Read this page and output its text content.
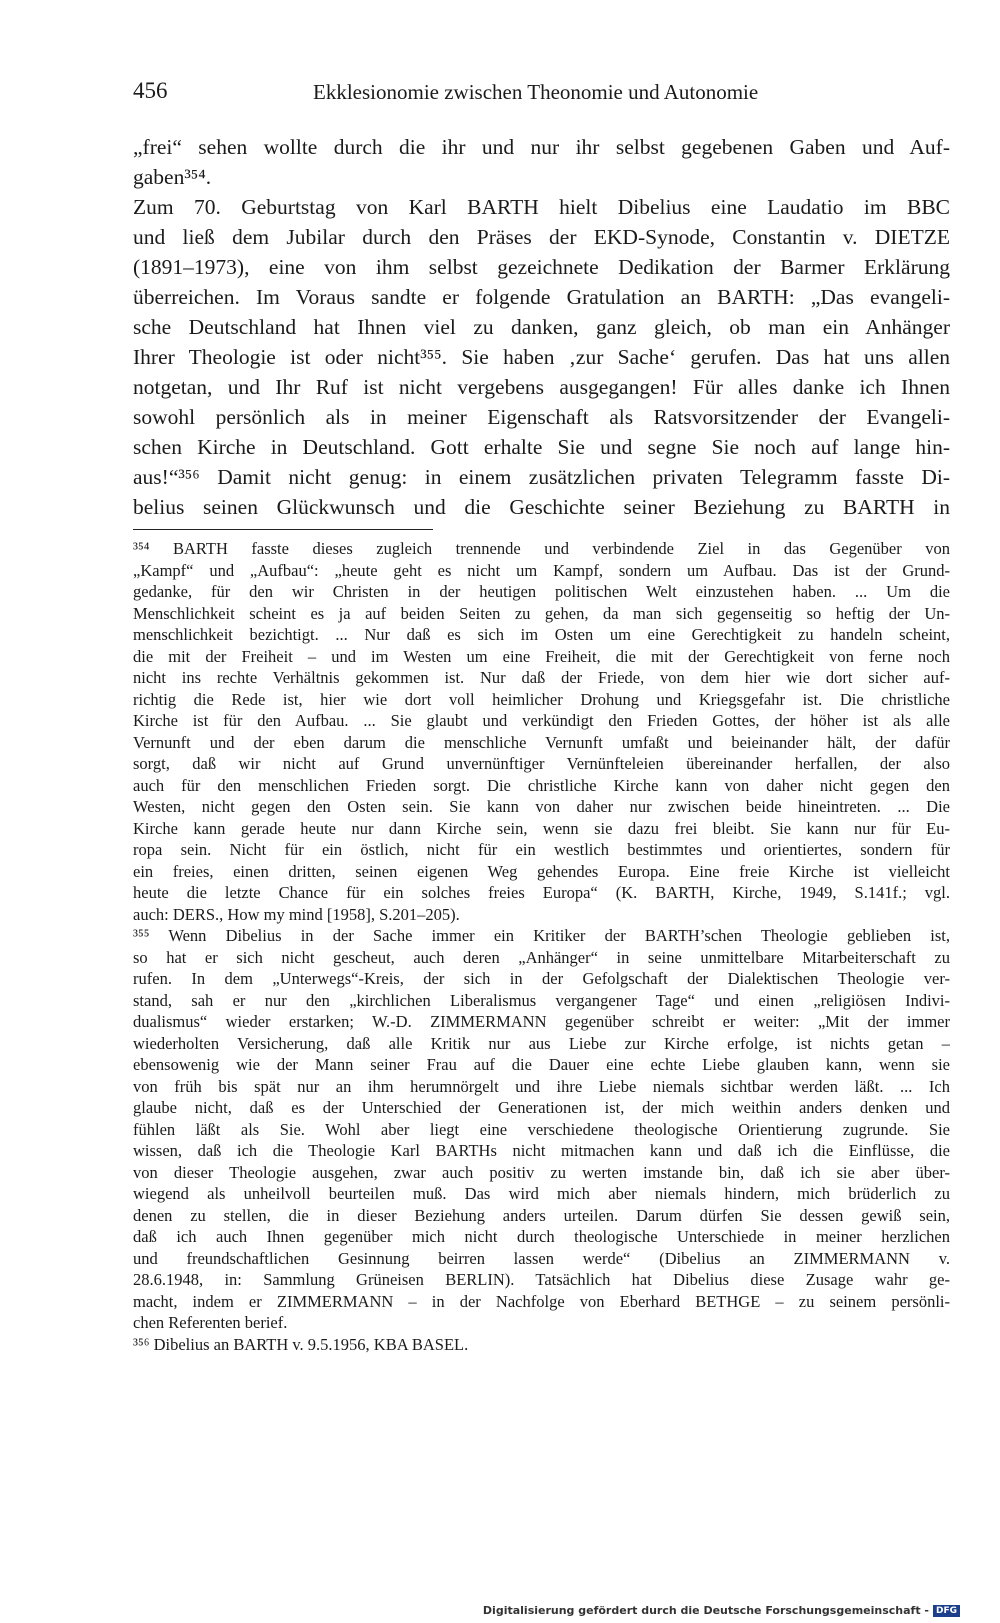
456	Ekklesionomie zwischen Theonomie und Autonomie
„frei“ sehen wollte durch die ihr und nur ihr selbst gegebenen Gaben und Auf-
gaben³⁵⁴.
Zum 70. Geburtstag von Karl BARTH hielt Dibelius eine Laudatio im BBC
und ließ dem Jubilar durch den Präses der EKD-Synode, Constantin v. DIETZE
(1891–1973), eine von ihm selbst gezeichnete Dedikation der Barmer Erklärung
überreichen. Im Voraus sandte er folgende Gratulation an BARTH: „Das evangeli-
sche Deutschland hat Ihnen viel zu danken, ganz gleich, ob man ein Anhänger
Ihrer Theologie ist oder nicht³⁵⁵. Sie haben ‚zur Sache‘ gerufen. Das hat uns allen
notgetan, und Ihr Ruf ist nicht vergebens ausgegangen! Für alles danke ich Ihnen
sowohl persönlich als in meiner Eigenschaft als Ratsvorsitzender der Evangeli-
schen Kirche in Deutschland. Gott erhalte Sie und segne Sie noch auf lange hin-
aus!“³⁵⁶ Damit nicht genug: in einem zusätzlichen privaten Telegramm fasste Di-
belius seinen Glückwunsch und die Geschichte seiner Beziehung zu BARTH in
³⁵⁴ BARTH fasste dieses zugleich trennende und verbindende Ziel in das Gegenüber von
„Kampf“ und „Aufbau“: „heute geht es nicht um Kampf, sondern um Aufbau. Das ist der Grund-
gedanke, für den wir Christen in der heutigen politischen Welt einzustehen haben. ... Um die
Menschlichkeit scheint es ja auf beiden Seiten zu gehen, da man sich gegenseitig so heftig der Un-
menschlichkeit bezichtigt. ... Nur daß es sich im Osten um eine Gerechtigkeit zu handeln scheint,
die mit der Freiheit – und im Westen um eine Freiheit, die mit der Gerechtigkeit von ferne noch
nicht ins rechte Verhältnis gekommen ist. Nur daß der Friede, von dem hier wie dort sicher auf-
richtig die Rede ist, hier wie dort voll heimlicher Drohung und Kriegsgefahr ist. Die christliche
Kirche ist für den Aufbau. ... Sie glaubt und verkündigt den Frieden Gottes, der höher ist als alle
Vernunft und der eben darum die menschliche Vernunft umfaßt und beieinander hält, der dafür
sorgt, daß wir nicht auf Grund unvernünftiger Vernünfteleien übereinander herfallen, der also
auch für den menschlichen Frieden sorgt. Die christliche Kirche kann von daher nicht gegen den
Westen, nicht gegen den Osten sein. Sie kann von daher nur zwischen beide hineintreten. ... Die
Kirche kann gerade heute nur dann Kirche sein, wenn sie dazu frei bleibt. Sie kann nur für Eu-
ropa sein. Nicht für ein östlich, nicht für ein westlich bestimmtes und orientiertes, sondern für
ein freies, einen dritten, seinen eigenen Weg gehendes Europa. Eine freie Kirche ist vielleicht
heute die letzte Chance für ein solches freies Europa“ (K. BARTH, Kirche, 1949, S.141f.; vgl.
auch: DERS., How my mind [1958], S.201–205).
³⁵⁵ Wenn Dibelius in der Sache immer ein Kritiker der BARTH’schen Theologie geblieben ist,
so hat er sich nicht gescheut, auch deren „Anhänger“ in seine unmittelbare Mitarbeiterschaft zu
rufen. In dem „Unterwegs“-Kreis, der sich in der Gefolgschaft der Dialektischen Theologie ver-
stand, sah er nur den „kirchlichen Liberalismus vergangener Tage“ und einen „religiösen Indivi-
dualismus“ wieder erstarken; W.-D. ZIMMERMANN gegenüber schreibt er weiter: „Mit der immer
wiederholten Versicherung, daß alle Kritik nur aus Liebe zur Kirche erfolge, ist nichts getan –
ebensowenig wie der Mann seiner Frau auf die Dauer eine echte Liebe glauben kann, wenn sie
von früh bis spät nur an ihm herumnörgelt und ihre Liebe niemals sichtbar werden läßt. ... Ich
glaube nicht, daß es der Unterschied der Generationen ist, der mich weithin anders denken und
fühlen läßt als Sie. Wohl aber liegt eine verschiedene theologische Orientierung zugrunde. Sie
wissen, daß ich die Theologie Karl BARTHs nicht mitmachen kann und daß ich die Einflüsse, die
von dieser Theologie ausgehen, zwar auch positiv zu werten imstande bin, daß ich sie aber über-
wiegend als unheilvoll beurteilen muß. Das wird mich aber niemals hindern, mich brüderlich zu
denen zu stellen, die in dieser Beziehung anders urteilen. Darum dürfen Sie dessen gewiß sein,
daß ich auch Ihnen gegenüber mich nicht durch theologische Unterschiede in meiner herzlichen
und freundschaftlichen Gesinnung beirren lassen werde“ (Dibelius an ZIMMERMANN v.
28.6.1948, in: Sammlung Grüneisen BERLIN). Tatsächlich hat Dibelius diese Zusage wahr ge-
macht, indem er ZIMMERMANN – in der Nachfolge von Eberhard BETHGE – zu seinem persönli-
chen Referenten berief.
³⁵⁶ Dibelius an BARTH v. 9.5.1956, KBA BASEL.
Digitalisierung gefördert durch die Deutsche Forschungsgemeinschaft - DFG
